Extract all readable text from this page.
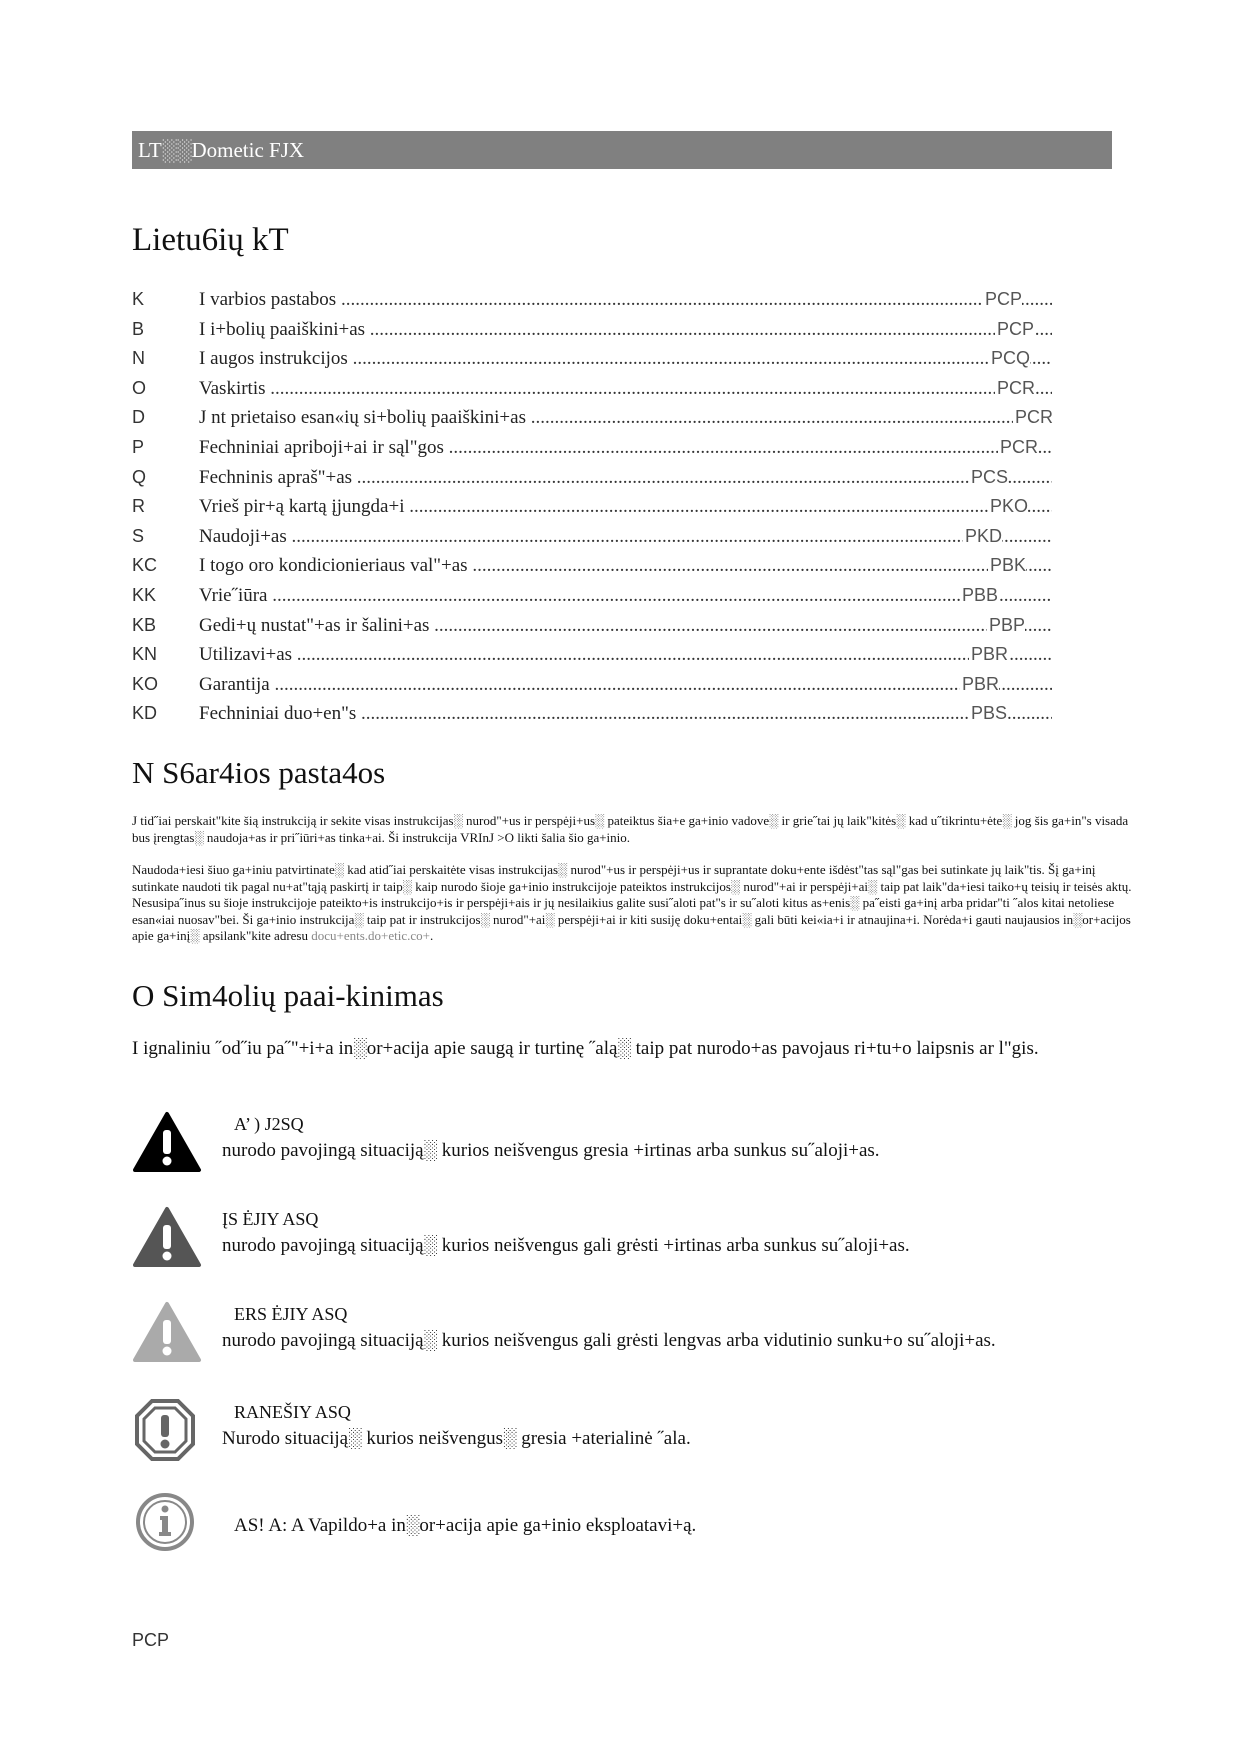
LT░░Dometic FJX
Lietu6ių kT
K	I varbios pastabos .....	PCP
B	I i+bolių paaiškini+as .....	PCP
N	I augos instrukcijos .....	PCQ
O	Vaskirtis .....	PCR
D	J nt prietaiso esan«ių si+bolių paaiškini+as .....	PCR
P	Fechniniai apriboji+ai ir sąl"gos .....	PCR
Q	Fechninis apraš"+as .....	PCS
R	Vrieš pir+ą kartą įjungda+i .....	PKO
S	Naudoji+as .....	PKD
KC	I togo oro kondicionieriaus val"+as .....	PBK
KK	Vrie˝iūra .....	PBB
KB	Gedi+ų nustat"+as ir šalini+as .....	PBP
KN	Utilizavi+as .....	PBR
KO	Garantija .....	PBR
KD	Fechniniai duo+en"s .....	PBS
N S6ar4ios pasta4os

J tid˝iai perskait"kite šią instrukciją ir sekite visas instrukcijas░ nurod"+us ir perspėji+us░ pateiktus šia+e ga+inio vadove░ ir grie˝tai jų laik"kitės░ kad u˝tikrintu+ėte░ jog šis ga+in"s visada bus įrengtas░ naudoja+as ir pri˝iūri+as tinka+ai. Ši instrukcija VRInJ >O likti šalia šio ga+inio.

Naudoda+iesi šiuo ga+iniu patvirtinate░ kad atid˝iai perskaitėte visas instrukcijas░ nurod"+us ir perspėji+us ir suprantate doku+ente išdėst"tas sąl"gas bei sutinkate jų laik"tis. Šį ga+inį sutinkate naudoti tik pagal nu+at"tąją paskirtį ir taip░ kaip nurodo šioje ga+inio instrukcijoje pateiktos instrukcijos░ nurod"+ai ir perspėji+ai░ taip pat laik"da+iesi taiko+ų teisių ir teisės aktų. Nesusipa˝inus su šioje instrukcijoje pateikto+is instrukcijo+is ir perspėji+ais ir jų nesilaikius galite susi˝aloti pat"s ir su˝aloti kitus as+enis░ pa˝eisti ga+inį arba pridar"ti ˝alos kitai netoliese esan«iai nuosav"bei. Ši ga+inio instrukcija░ taip pat ir instrukcijos░ nurod"+ai░ perspėji+ai ir kiti susiję doku+entai░ gali būti kei«ia+i ir atnaujina+i. Norėda+i gauti naujausios in░or+acijos apie ga+inį░ apsilank"kite adresu docu+ents.do+etic.co+.

O Sim4olių paai-kinimas

I ignaliniu ˝od˝iu pa˝"+i+a in░or+acija apie saugą ir turtinę ˝alą░ taip pat nurodo+as pavojaus ri+tu+o laipsnis ar l"gis.

A’ ) J2SQ
nurodo pavojingą situaciją░ kurios neišvengus gresia +irtinas arba sunkus su˝aloji+as.
ĮS ĖJIY ASQ
nurodo pavojingą situaciją░ kurios neišvengus gali grėsti +irtinas arba sunkus su˝aloji+as.
ERS ĖJIY ASQ
nurodo pavojingą situaciją░ kurios neišvengus gali grėsti lengvas arba vidutinio sunku+o su˝aloji+as.
RANEŠIY ASQ
Nurodo situaciją░ kurios neišvengus░ gresia +aterialinė ˝ala.
AS! A: A Vapildo+a in░or+acija apie ga+inio eksploatavi+ą.
PCP
